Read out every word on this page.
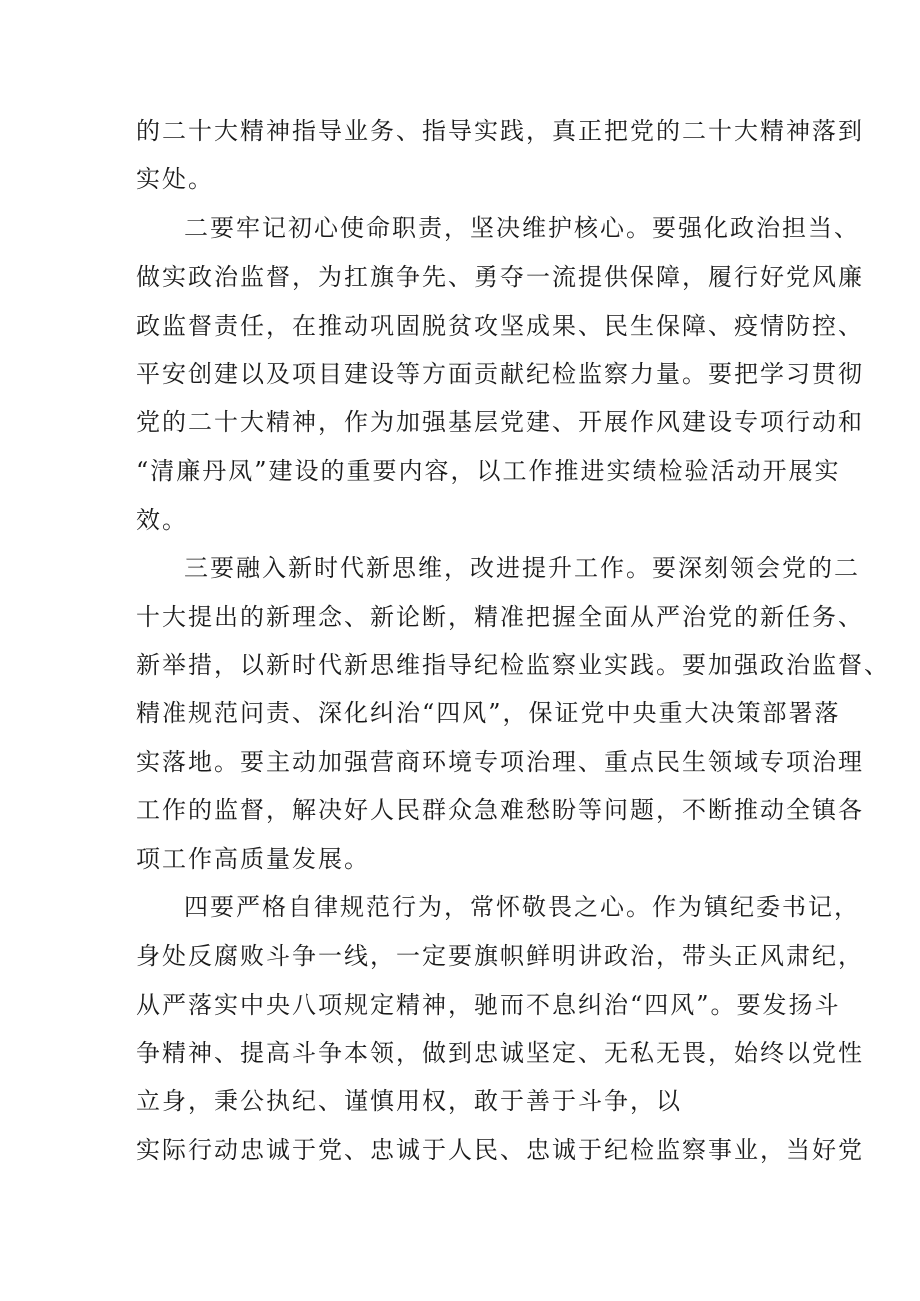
的二十大精神指导业务、指导实践，真正把党的二十大精神落到
实处。
二要牢记初心使命职责，坚决维护核心。要强化政治担当、
做实政治监督，为扛旗争先、勇夺一流提供保障，履行好党风廉
政监督责任，在推动巩固脱贫攻坚成果、民生保障、疫情防控、
平安创建以及项目建设等方面贡献纪检监察力量。要把学习贯彻
党的二十大精神，作为加强基层党建、开展作风建设专项行动和
“清廉丹凤”建设的重要内容，以工作推进实绩检验活动开展实
效。
三要融入新时代新思维，改进提升工作。要深刻领会党的二
十大提出的新理念、新论断，精准把握全面从严治党的新任务、
新举措，以新时代新思维指导纪检监察业实践。要加强政治监督、
精准规范问责、深化纠治“四风”，保证党中央重大决策部署落
实落地。要主动加强营商环境专项治理、重点民生领域专项治理
工作的监督，解决好人民群众急难愁盼等问题，不断推动全镇各
项工作高质量发展。
四要严格自律规范行为，常怀敬畏之心。作为镇纪委书记，
身处反腐败斗争一线，一定要旗帜鲜明讲政治，带头正风肃纪，
从严落实中央八项规定精神，驰而不息纠治“四风”。要发扬斗
争精神、提高斗争本领，做到忠诚坚定、无私无畏，始终以党性
立身，秉公执纪、谨慎用权，敢于善于斗争，以
实际行动忠诚于党、忠诚于人民、忠诚于纪检监察事业，当好党
